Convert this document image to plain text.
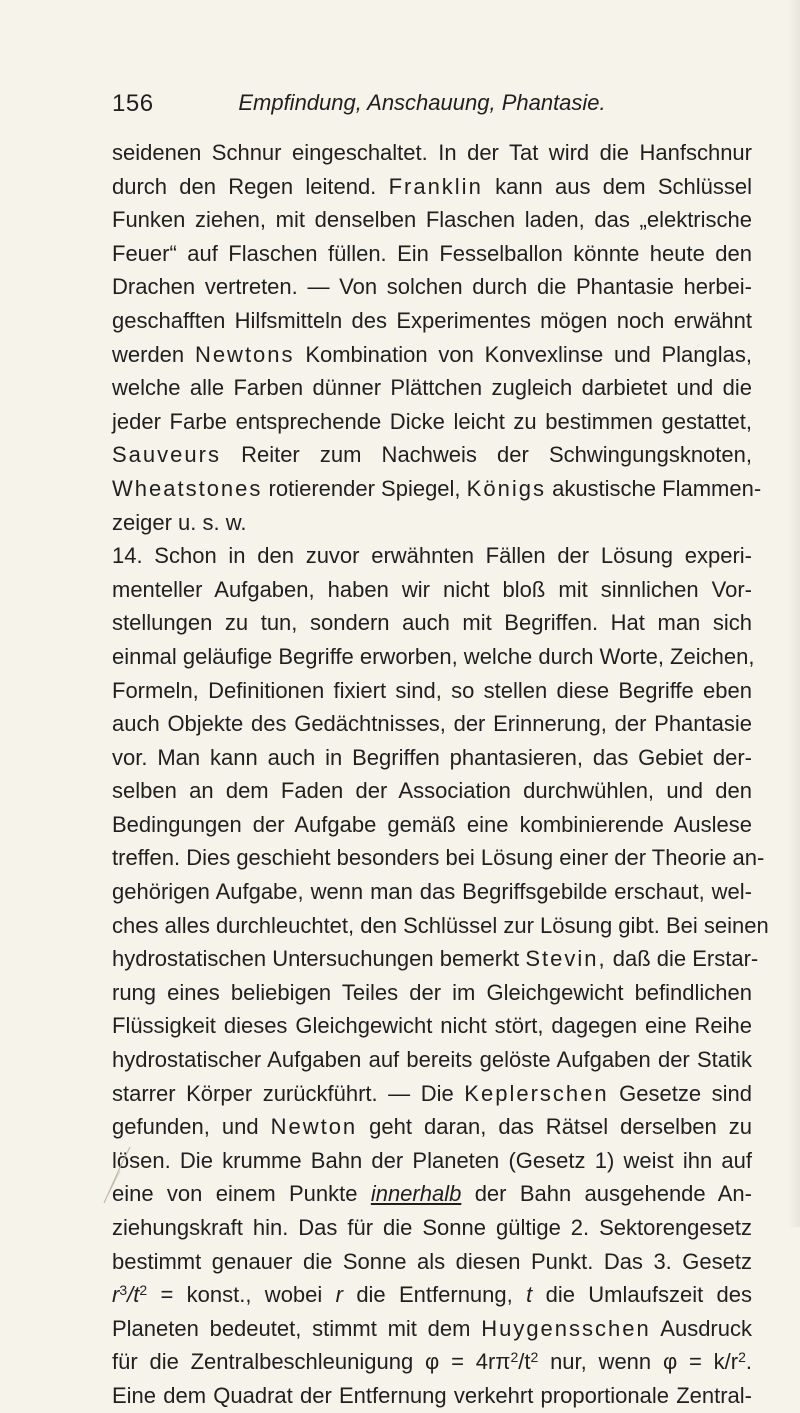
156	Empfindung, Anschauung, Phantasie.
seidenen Schnur eingeschaltet. In der Tat wird die Hanfschnur
durch den Regen leitend. Franklin kann aus dem Schlüssel
Funken ziehen, mit denselben Flaschen laden, das „elektrische
Feuer“ auf Flaschen füllen. Ein Fesselballon könnte heute den
Drachen vertreten. — Von solchen durch die Phantasie herbei-
geschafften Hilfsmitteln des Experimentes mögen noch erwähnt
werden Newtons Kombination von Konvexlinse und Planglas,
welche alle Farben dünner Plättchen zugleich darbietet und die
jeder Farbe entsprechende Dicke leicht zu bestimmen gestattet,
Sauveurs Reiter zum Nachweis der Schwingungsknoten,
Wheatstones rotierender Spiegel, Königs akustische Flammen-
zeiger u. s. w.
14. Schon in den zuvor erwähnten Fällen der Lösung experi-
menteller Aufgaben, haben wir nicht bloß mit sinnlichen Vor-
stellungen zu tun, sondern auch mit Begriffen. Hat man sich
einmal geläufige Begriffe erworben, welche durch Worte, Zeichen,
Formeln, Definitionen fixiert sind, so stellen diese Begriffe eben
auch Objekte des Gedächtnisses, der Erinnerung, der Phantasie
vor. Man kann auch in Begriffen phantasieren, das Gebiet der-
selben an dem Faden der Association durchwühlen, und den
Bedingungen der Aufgabe gemäß eine kombinierende Auslese
treffen. Dies geschieht besonders bei Lösung einer der Theorie an-
gehörigen Aufgabe, wenn man das Begriffsgebilde erschaut, wel-
ches alles durchleuchtet, den Schlüssel zur Lösung gibt. Bei seinen
hydrostatischen Untersuchungen bemerkt Stevin, daß die Erstar-
rung eines beliebigen Teiles der im Gleichgewicht befindlichen
Flüssigkeit dieses Gleichgewicht nicht stört, dagegen eine Reihe
hydrostatischer Aufgaben auf bereits gelöste Aufgaben der Statik
starrer Körper zurückführt. — Die Keplerschen Gesetze sind
gefunden, und Newton geht daran, das Rätsel derselben zu
lösen. Die krumme Bahn der Planeten (Gesetz 1) weist ihn auf
eine von einem Punkte innerhalb der Bahn ausgehende An-
ziehungskraft hin. Das für die Sonne gültige 2. Sektorengesetz
bestimmt genauer die Sonne als diesen Punkt. Das 3. Gesetz
$r^3/t^2$ = konst., wobei r die Entfernung, t die Umlaufszeit des
Planeten bedeutet, stimmt mit dem Huygensschen Ausdruck
für die Zentralbeschleunigung $\varphi = 4r\pi^2/t^2$ nur, wenn $\varphi = k/r^2$.
Eine dem Quadrat der Entfernung verkehrt proportionale Zentral-
